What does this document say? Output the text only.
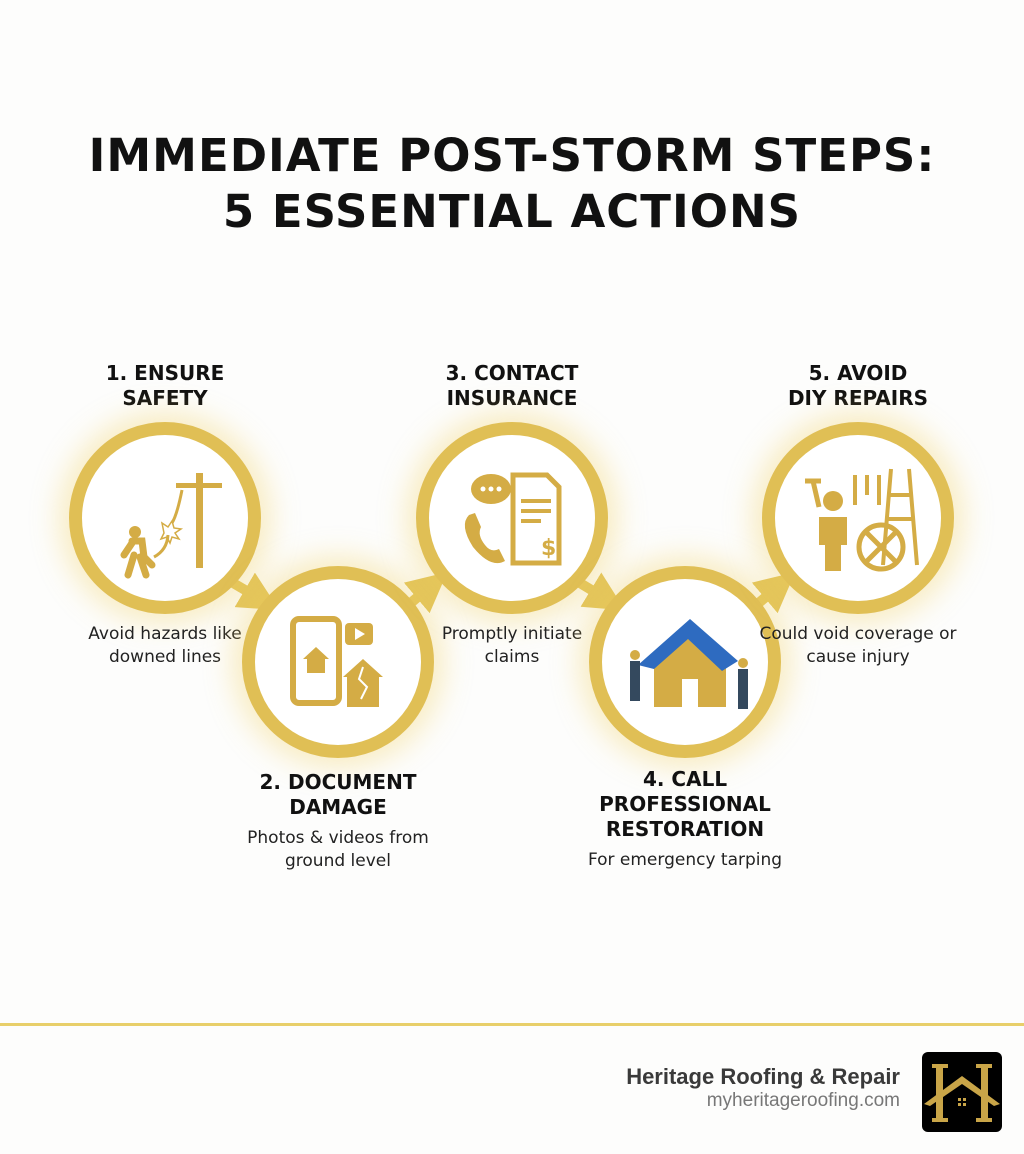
IMMEDIATE POST-STORM STEPS:
5 ESSENTIAL ACTIONS
1. ENSURE
SAFETY
Avoid hazards like downed lines
2. DOCUMENT
DAMAGE
Photos & videos from ground level
3. CONTACT
INSURANCE
$
Promptly initiate claims
4. CALL
PROFESSIONAL
RESTORATION
For emergency tarping
5. AVOID
DIY REPAIRS
Could void coverage or cause injury
Heritage Roofing & Repair
myheritageroofing.com
